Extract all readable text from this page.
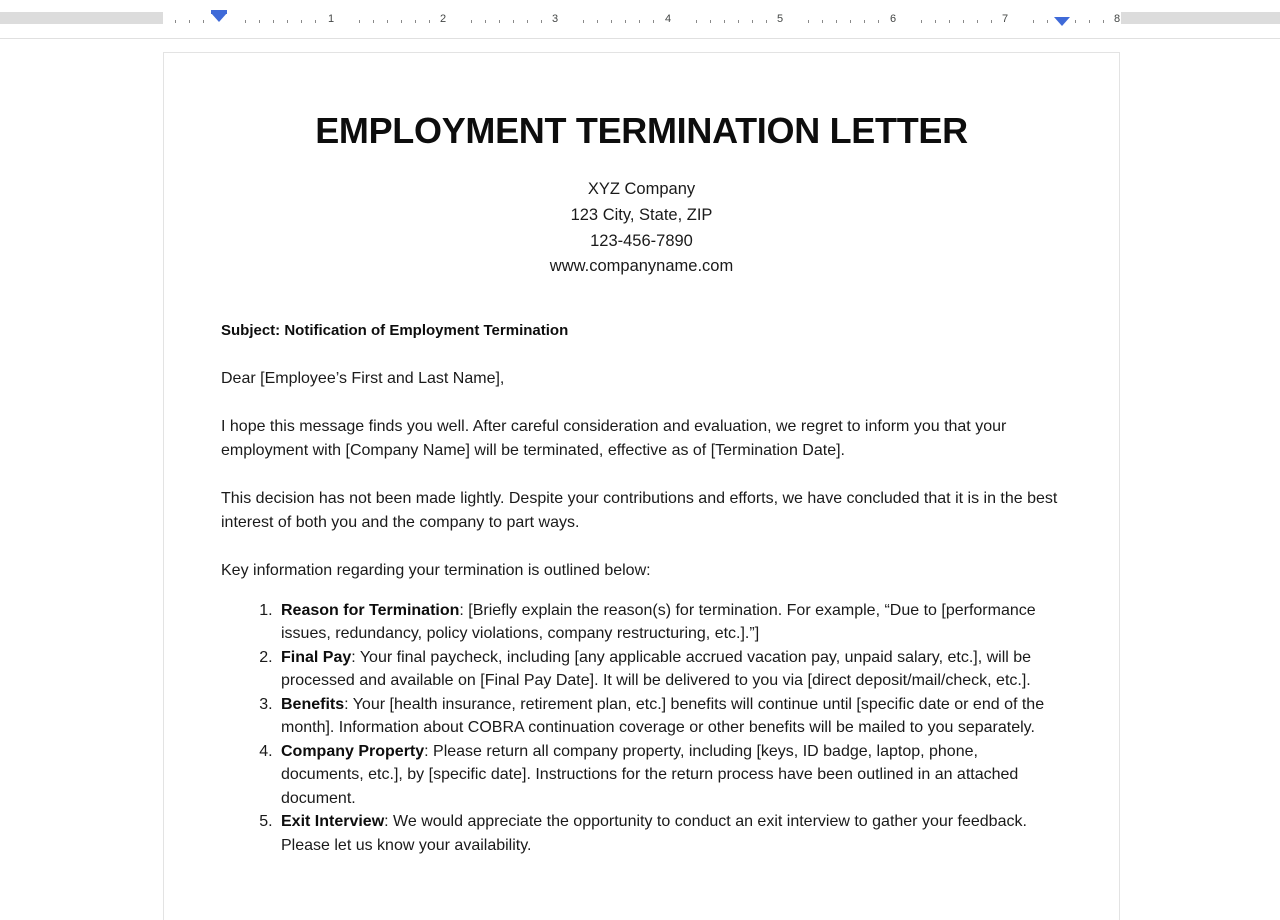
1	2	3	4	5	6	7	8
EMPLOYMENT TERMINATION LETTER

XYZ Company

123 City, State, ZIP

123-456-7890

www.companyname.com

Subject: Notification of Employment Termination

Dear [Employee’s First and Last Name],

I hope this message finds you well. After careful consideration and evaluation, we regret to inform you that your employment with [Company Name] will be terminated, effective as of [Termination Date].

This decision has not been made lightly. Despite your contributions and efforts, we have concluded that it is in the best interest of both you and the company to part ways.

Key information regarding your termination is outlined below:

1. Reason for Termination: [Briefly explain the reason(s) for termination. For example, “Due to [performance issues, redundancy, policy violations, company restructuring, etc.].”]
2. Final Pay: Your final paycheck, including [any applicable accrued vacation pay, unpaid salary, etc.], will be processed and available on [Final Pay Date]. It will be delivered to you via [direct deposit/mail/check, etc.].
3. Benefits: Your [health insurance, retirement plan, etc.] benefits will continue until [specific date or end of the month]. Information about COBRA continuation coverage or other benefits will be mailed to you separately.
4. Company Property: Please return all company property, including [keys, ID badge, laptop, phone, documents, etc.], by [specific date]. Instructions for the return process have been outlined in an attached document.
5. Exit Interview: We would appreciate the opportunity to conduct an exit interview to gather your feedback. Please let us know your availability.
